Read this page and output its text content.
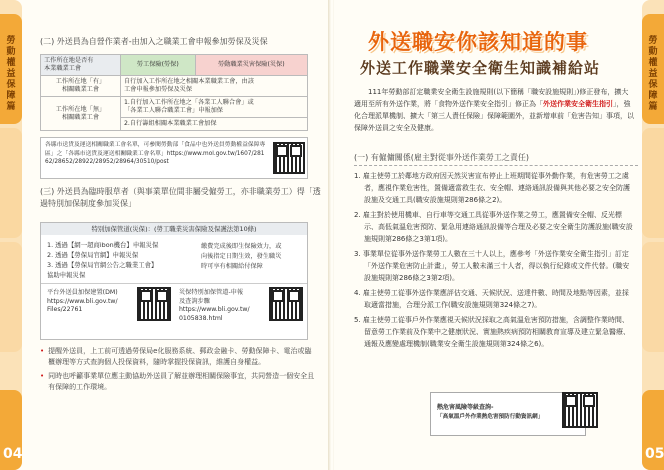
勞動權益保障篇
04
(二) 外送員為自營作業者-由加入之職業工會申報參加勞保及災保
工作所在地是否有
本業職業工會	勞工保險(勞保)	勞動職業災害保險(災保)
工作所在地「有」
相關職業工會	自行加入工作所在地之相關本業職業工會，由該
工會申報參加勞保及災保	
工作所在地「無」
相關職業工會	1.自行加入工作所在地之「各業工人聯合會」或
「各業工人聯合職業工會」申報加保	
	2.自行籌組相關本業職業工會加保	
各縣市送貨及運送相關職業工會名單，可參閱勞動部「食品中也外送員勞動權益保障專區」之「各縣市送貨及運送相關職業工會名單」https://www.mol.gov.tw/1607/28162/28652/28922/28952/28964/30510/post
(三) 外送員為臨時服草者（與事業單位間非屬受僱勞工，亦非職業勞工）得「透過特別加保制度參加災保」
特別加保管道(災保)：(勞工職業災害保險及保護法第10條)
1. 透過【網一超商ibon機台】申報災保
2. 透過【勞保局官網】申報災保
3. 透過【勞保局官網公告之職業工會】
協助申報災保
繳費完成後即生保險效力，或
向後指定日期生效，發生職災
時可享有相關給付保障
平台外送員加保建置(DM)
https://www.bli.gov.tw/
Files/22761
災保特別加保管道-申報
及查詢步驟
https://www.bli.gov.tw/
0105838.html
• 提醒外送員，上工前可透過勞保局e化服務系統、郵政金融卡、勞動保障卡、電治或臨櫃辦理等方式查詢個人投保資料，隨時掌握投保資訊，維護自身權益。
• 同時也呼籲事業單位應主動協助外送員了解並辦理相關保險事宜，共同營造一個安全且有保障的工作環境。
勞動權益保障篇
05
外送職安你該知道的事
外送工作職業安全衛生知識補給站
111年勞動部訂定職業安全衛生設施規則(以下簡稱「職安設施規則」)修正發布，擴大適用至所有外送作業，將「食物外送作業安全指引」修正為「外送作業安全衛生指引」，強化合理派單機制、擴大「第三人責任保險」保障範圍外，並新增車前「危害告知」事項，以保障外送員之安全及健康。
(一) 有僱傭關係(雇主對從事外送作業勞工之責任)
1. 雇主使勞工於鄰地方政府因天然災害宣布停止上班期間從事外勤作業，有危害勞工之虞者，應視作業危害性，置備適當救生衣、安全帽、連絡通訊設備與其他必要之安全防護設施及交通工具(職安設施規則第286條之2)。
2. 雇主對於使用機車、自行車等交通工具從事外送作業之勞工，應置備安全帽、反光標示、高低氣溫危害預防、緊急用連絡通訊設備等合理及必要之安全衛生防護設施(職安設施規則第286條之3第1項)。
3. 事業單位從事外送作業勞工人數在三十人以上，應參考「外送作業安全衛生指引」訂定「外送作業危害防止計畫」，勞工人數未滿三十人者，得以執行紀錄或文件代替。(職安設施規則第286條之3第2項)。
4. 雇主使勞工從事外送作業應評估交通、天候狀況、送達件數、時間及地點等因素，並採取適當措施，合理分派工作(職安設施規則第324條之7)。
5. 雇主使勞工從事戶外作業應視天候狀況採取之高氣溫危害預防措施，含調整作業時間、留意勞工作業前及作業中之健康狀況、實施熱疾病預防相關教育宣導及建立緊急醫療、通報及應變處理機制(職業安全衛生設施規則第324條之6)。
熱危害風險等級查詢-
「高氣溫戶外作業熱危害預防行動資訊網」
